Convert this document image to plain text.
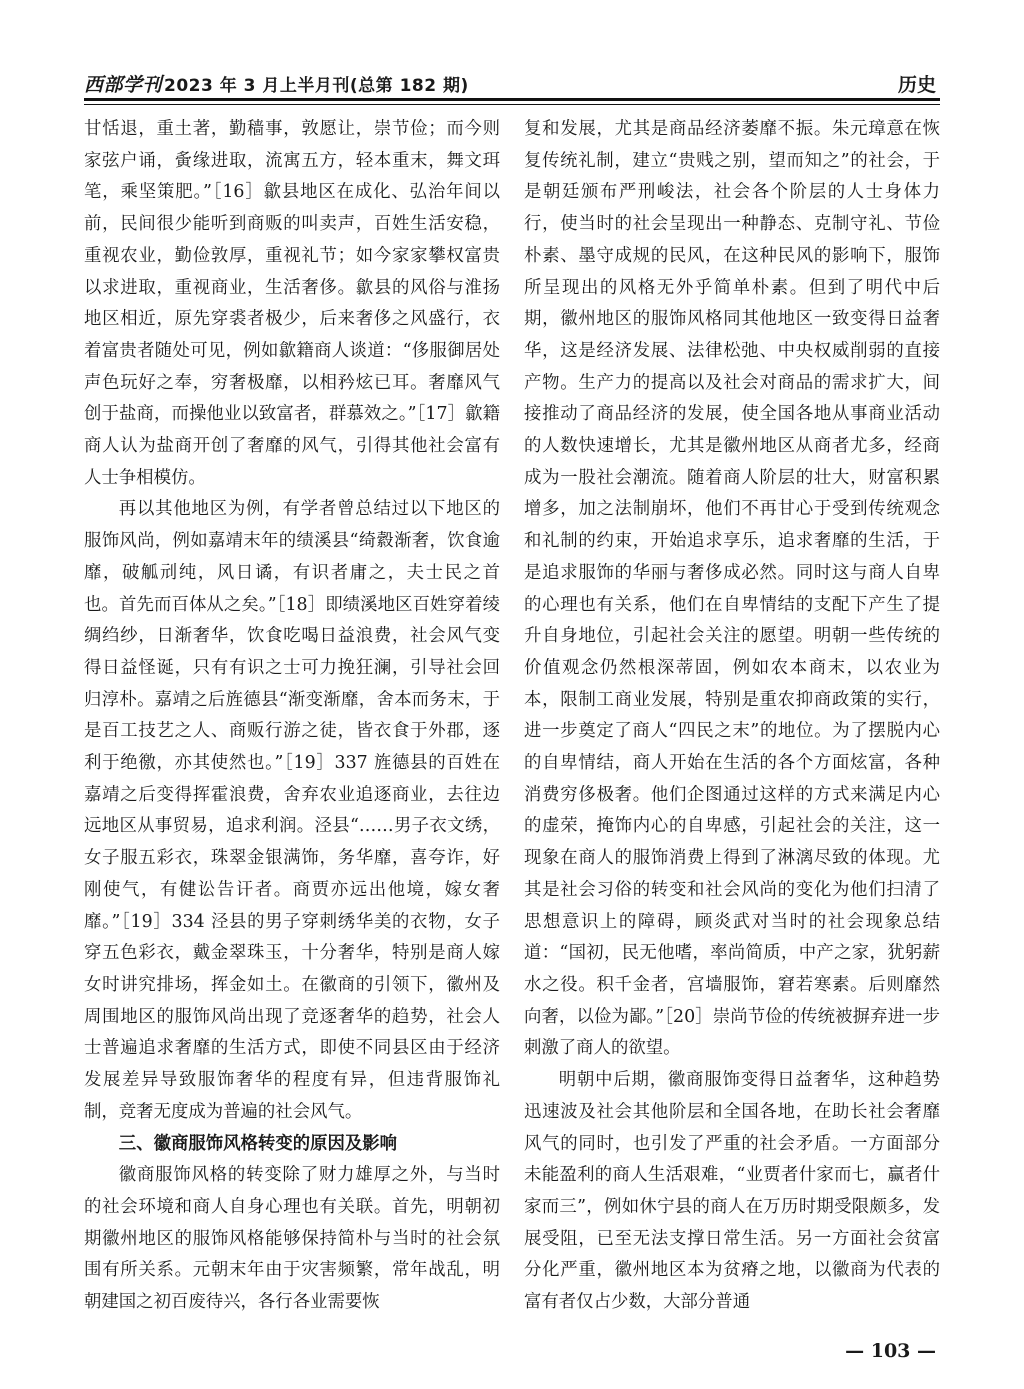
西部学刊 2023 年 3 月上半月刊(总第 182 期)	历史

甘恬退，重土著，勤穑事，敦愿让，崇节俭；而今则家弦户诵，夤缘进取，流寓五方，轻本重末，舞文珥笔，乘坚策肥。”［16］歙县地区在成化、弘治年间以前，民间很少能听到商贩的叫卖声，百姓生活安稳，重视农业，勤俭敦厚，重视礼节；如今家家攀权富贵以求进取，重视商业，生活奢侈。歙县的风俗与淮扬地区相近，原先穿裘者极少，后来奢侈之风盛行，衣着富贵者随处可见，例如歙籍商人谈道：“侈服御居处声色玩好之奉，穷奢极靡，以相矜炫已耳。奢靡风气创于盐商，而操他业以致富者，群慕效之。”［17］歙籍商人认为盐商开创了奢靡的风气，引得其他社会富有人士争相模仿。

再以其他地区为例，有学者曾总结过以下地区的服饰风尚，例如嘉靖末年的绩溪县“绮縠渐奢，饮食逾靡，破觚刓纯，风日谲，有识者庸之，夫士民之首也。首先而百体从之矣。”［18］即绩溪地区百姓穿着绫绸绉纱，日渐奢华，饮食吃喝日益浪费，社会风气变得日益怪诞，只有有识之士可力挽狂澜，引导社会回归淳朴。嘉靖之后旌德县“渐变渐靡，舍本而务末，于是百工技艺之人、商贩行游之徒，皆衣食于外郡，逐利于绝徼，亦其使然也。”［19］337 旌德县的百姓在嘉靖之后变得挥霍浪费，舍弃农业追逐商业，去往边远地区从事贸易，追求利润。泾县“……男子衣文绣，女子服五彩衣，珠翠金银满饰，务华靡，喜夸诈，好刚使气，有健讼告讦者。商贾亦远出他境，嫁女奢靡。”［19］334 泾县的男子穿刺绣华美的衣物，女子穿五色彩衣，戴金翠珠玉，十分奢华，特别是商人嫁女时讲究排场，挥金如土。在徽商的引领下，徽州及周围地区的服饰风尚出现了竞逐奢华的趋势，社会人士普遍追求奢靡的生活方式，即使不同县区由于经济发展差异导致服饰奢华的程度有异，但违背服饰礼制，竞奢无度成为普遍的社会风气。

三、徽商服饰风格转变的原因及影响

徽商服饰风格的转变除了财力雄厚之外，与当时的社会环境和商人自身心理也有关联。首先，明朝初期徽州地区的服饰风格能够保持简朴与当时的社会氛围有所关系。元朝末年由于灾害频繁，常年战乱，明朝建国之初百废待兴，各行各业需要恢

复和发展，尤其是商品经济萎靡不振。朱元璋意在恢复传统礼制，建立“贵贱之别，望而知之”的社会，于是朝廷颁布严刑峻法，社会各个阶层的人士身体力行，使当时的社会呈现出一种静态、克制守礼、节俭朴素、墨守成规的民风，在这种民风的影响下，服饰所呈现出的风格无外乎简单朴素。但到了明代中后期，徽州地区的服饰风格同其他地区一致变得日益奢华，这是经济发展、法律松弛、中央权威削弱的直接产物。生产力的提高以及社会对商品的需求扩大，间接推动了商品经济的发展，使全国各地从事商业活动的人数快速增长，尤其是徽州地区从商者尤多，经商成为一股社会潮流。随着商人阶层的壮大，财富积累增多，加之法制崩坏，他们不再甘心于受到传统观念和礼制的约束，开始追求享乐，追求奢靡的生活，于是追求服饰的华丽与奢侈成必然。同时这与商人自卑的心理也有关系，他们在自卑情结的支配下产生了提升自身地位，引起社会关注的愿望。明朝一些传统的价值观念仍然根深蒂固，例如农本商末，以农业为本，限制工商业发展，特别是重农抑商政策的实行，进一步奠定了商人“四民之末”的地位。为了摆脱内心的自卑情结，商人开始在生活的各个方面炫富，各种消费穷侈极奢。他们企图通过这样的方式来满足内心的虚荣，掩饰内心的自卑感，引起社会的关注，这一现象在商人的服饰消费上得到了淋漓尽致的体现。尤其是社会习俗的转变和社会风尚的变化为他们扫清了思想意识上的障碍，顾炎武对当时的社会现象总结道：“国初，民无他嗜，率尚简质，中产之家，犹躬薪水之役。积千金者，宫墙服饰，窘若寒素。后则靡然向奢，以俭为鄙。”［20］崇尚节俭的传统被摒弃进一步刺激了商人的欲望。

明朝中后期，徽商服饰变得日益奢华，这种趋势迅速波及社会其他阶层和全国各地，在助长社会奢靡风气的同时，也引发了严重的社会矛盾。一方面部分未能盈利的商人生活艰难，“业贾者什家而七，赢者什家而三”，例如休宁县的商人在万历时期受限颇多，发展受阻，已至无法支撑日常生活。另一方面社会贫富分化严重，徽州地区本为贫瘠之地，以徽商为代表的富有者仅占少数，大部分普通

— 103 —
